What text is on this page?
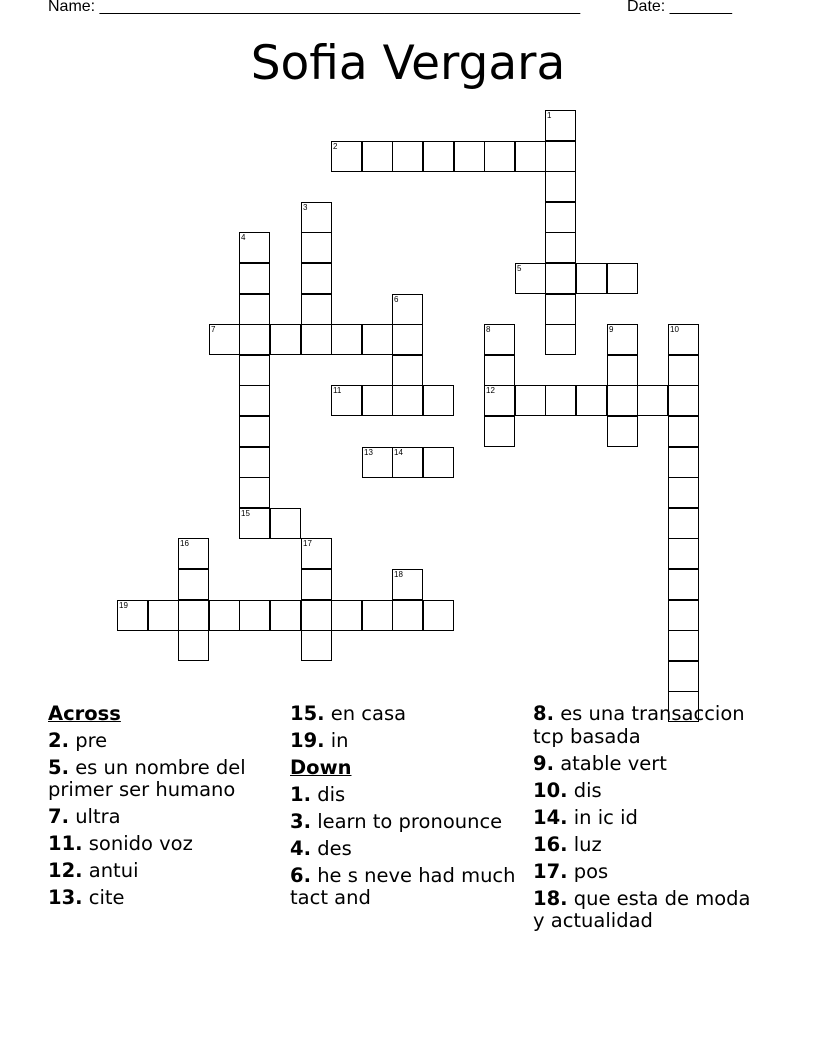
Name: ______________________________________________________	Date: _______
Sofia Vergara
1
2
3
4
15
5
6
7	8
12
9	10
11
13	14
16	17
18
19
Across
2. pre
5. es un nombre del primer ser humano
7. ultra
11. sonido voz
12. antui
13. cite
15. en casa
19. in
Down
1. dis
3. learn to pronounce
4. des
6. he s neve had much tact and
8. es una transaccion tcp basada
9. atable vert
10. dis
14. in ic id
16. luz
17. pos
18. que esta de moda y actualidad
